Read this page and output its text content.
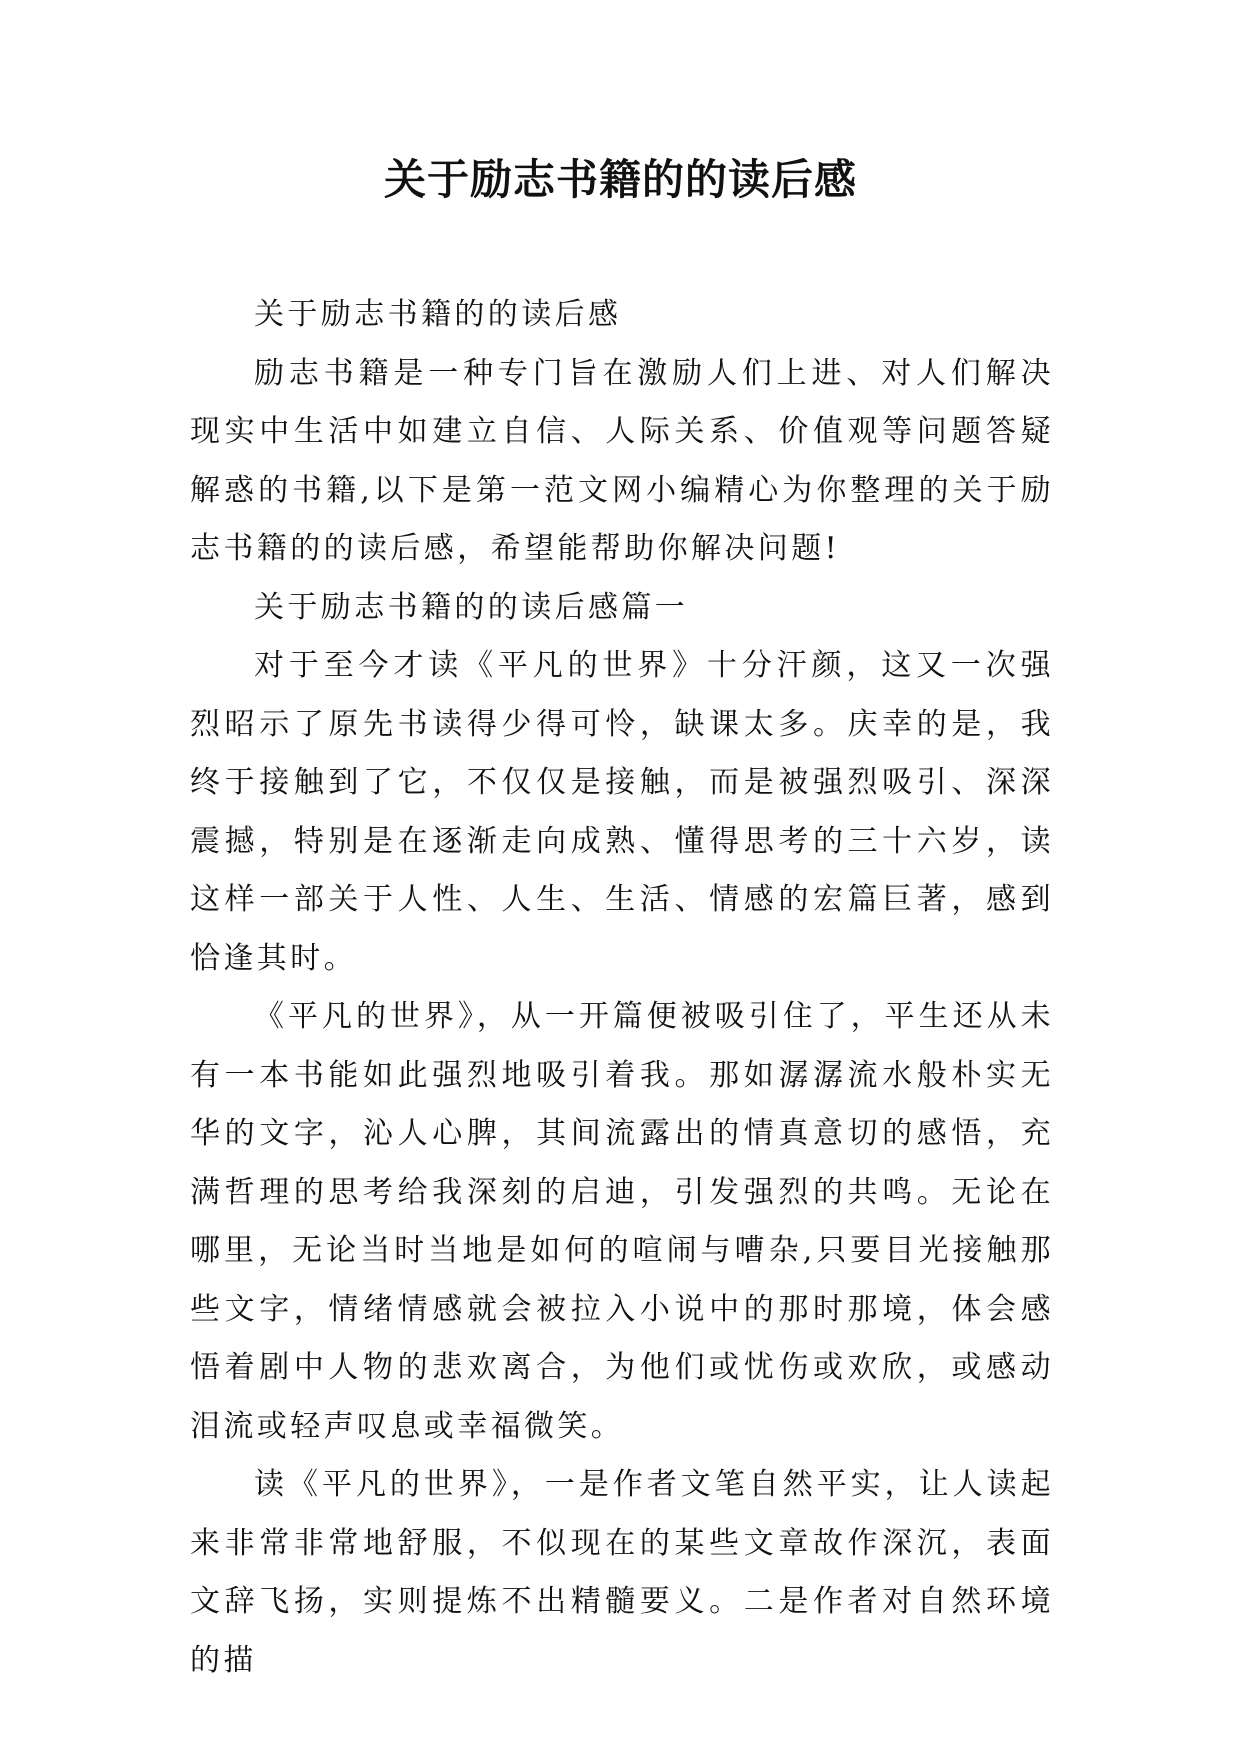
关于励志书籍的的读后感

关于励志书籍的的读后感

励志书籍是一种专门旨在激励人们上进、对人们解决现实中生活中如建立自信、人际关系、价值观等问题答疑解惑的书籍,以下是第一范文网小编精心为你整理的关于励志书籍的的读后感，希望能帮助你解决问题!

关于励志书籍的的读后感篇一

对于至今才读《平凡的世界》十分汗颜，这又一次强烈昭示了原先书读得少得可怜，缺课太多。庆幸的是，我终于接触到了它，不仅仅是接触，而是被强烈吸引、深深震撼，特别是在逐渐走向成熟、懂得思考的三十六岁，读这样一部关于人性、人生、生活、情感的宏篇巨著，感到恰逢其时。

《平凡的世界》，从一开篇便被吸引住了，平生还从未有一本书能如此强烈地吸引着我。那如潺潺流水般朴实无华的文字，沁人心脾，其间流露出的情真意切的感悟，充满哲理的思考给我深刻的启迪，引发强烈的共鸣。无论在哪里，无论当时当地是如何的喧闹与嘈杂,只要目光接触那些文字，情绪情感就会被拉入小说中的那时那境，体会感悟着剧中人物的悲欢离合，为他们或忧伤或欢欣，或感动泪流或轻声叹息或幸福微笑。

读《平凡的世界》，一是作者文笔自然平实，让人读起来非常非常地舒服，不似现在的某些文章故作深沉，表面文辞飞扬，实则提炼不出精髓要义。二是作者对自然环境的描
